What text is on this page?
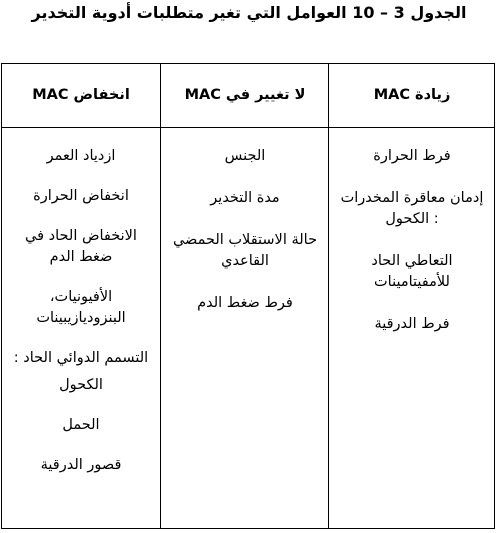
الجدول 3 – 10 العوامل التي تغير متطلبات أدوية التخدير
زيادة MAC
لا تغيير في MAC
انخفاض MAC
فرط الحرارة
إدمان معاقرة المخدرات : الكحول
التعاطي الحاد للأمفيتامينات
فرط الدرقية
الجنس
مدة التخدير
حالة الاستقلاب الحمضي القاعدي
فرط ضغط الدم
ازدياد العمر
انخفاض الحرارة
الانخفاض الحاد في ضغط الدم
الأفيونيات، البنزوديازيبينات
التسمم الدوائي الحاد :
الكحول
الحمل
قصور الدرقية
